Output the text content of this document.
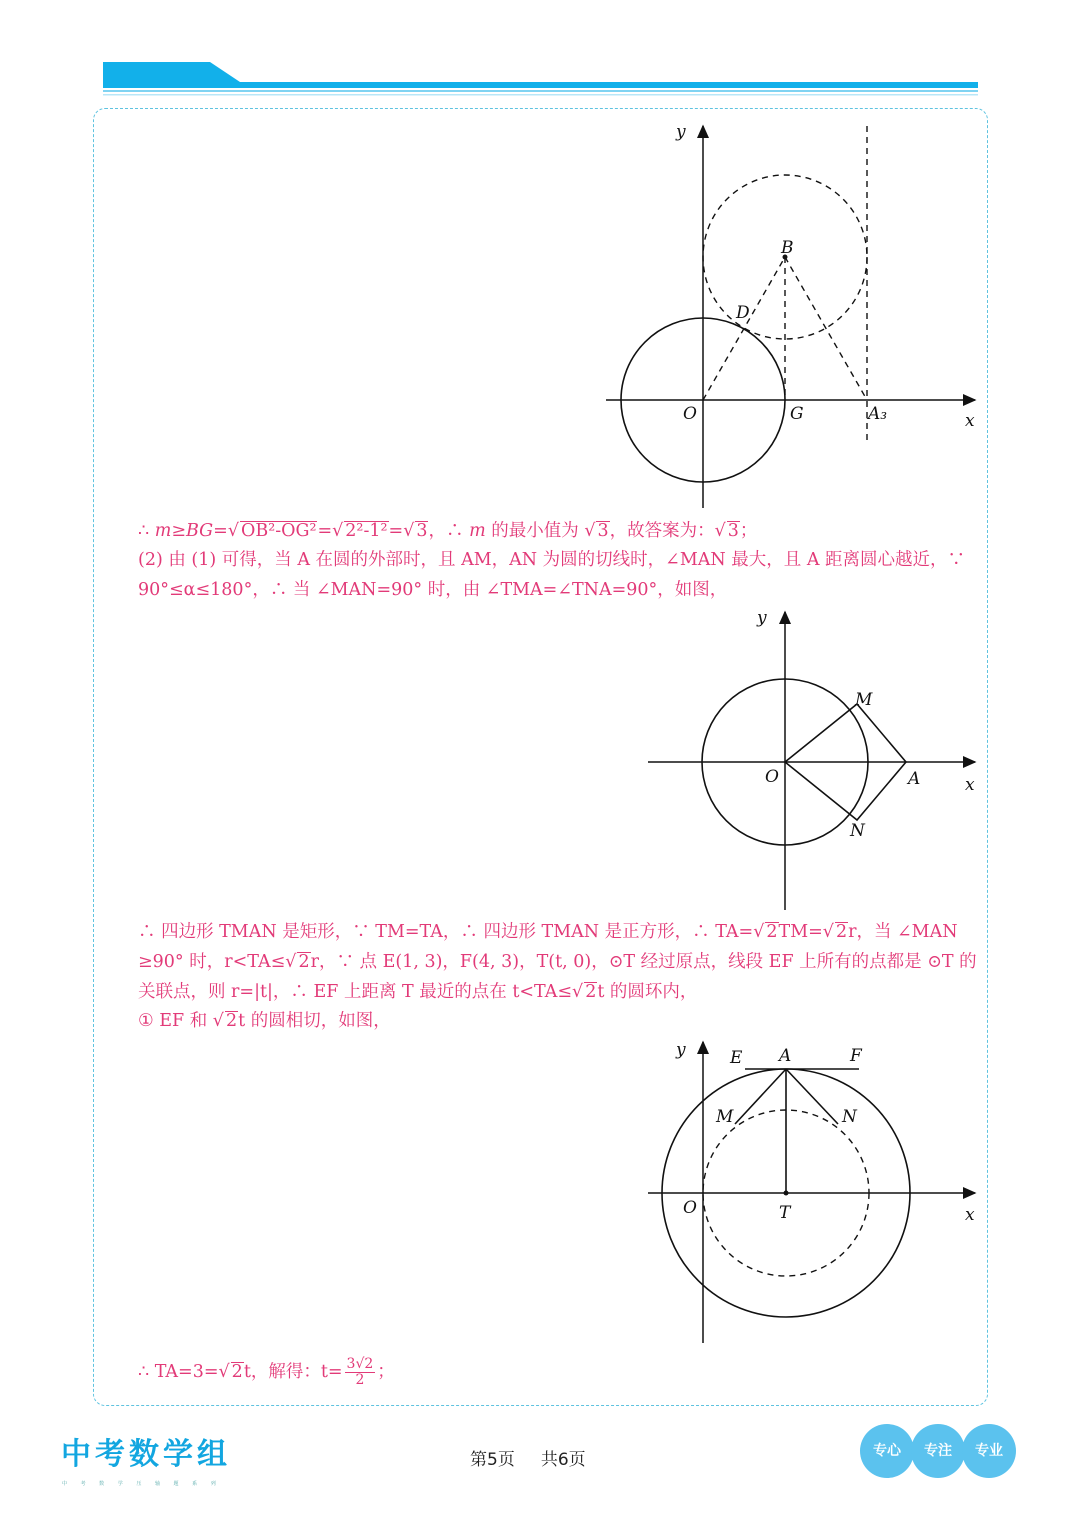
y
x
B
D
O	G	A₃
∴ m≥BG=√ OB²-OG²=√ 2²-1²=√ 3，∴ m 的最小值为 √ 3，故答案为：√ 3；
(2) 由 (1) 可得，当 A 在圆的外部时，且 AM，AN 为圆的切线时，∠MAN 最大，且 A 距离圆心越近，∵
90°≤α≤180°，∴ 当 ∠MAN=90° 时，由 ∠TMA=∠TNA=90°，如图，
y
x
M
O	A
N
∴ 四边形 TMAN 是矩形，∵ TM=TA，∴ 四边形 TMAN 是正方形，∴ TA=√ 2TM=√ 2r，当 ∠MAN
≥90° 时，r<TA≤√ 2r，∵ 点 E(1, 3)，F(4, 3)，T(t, 0)，⊙T 经过原点，线段 EF 上所有的点都是 ⊙T 的
关联点，则 r=|t|，∴ EF 上距离 T 最近的点在 t<TA≤√ 2t 的圆环内，
① EF 和 √ 2t 的圆相切，如图，
y
x
E A	F
M	N
O	T
∴ TA=3=√ 2t，解得：$t= \frac{3√2}{2}$ ；
中 考 数 学 组
中 考 数 学 压 轴 题 系 列
第5页 共6页	专心	专注	专业
